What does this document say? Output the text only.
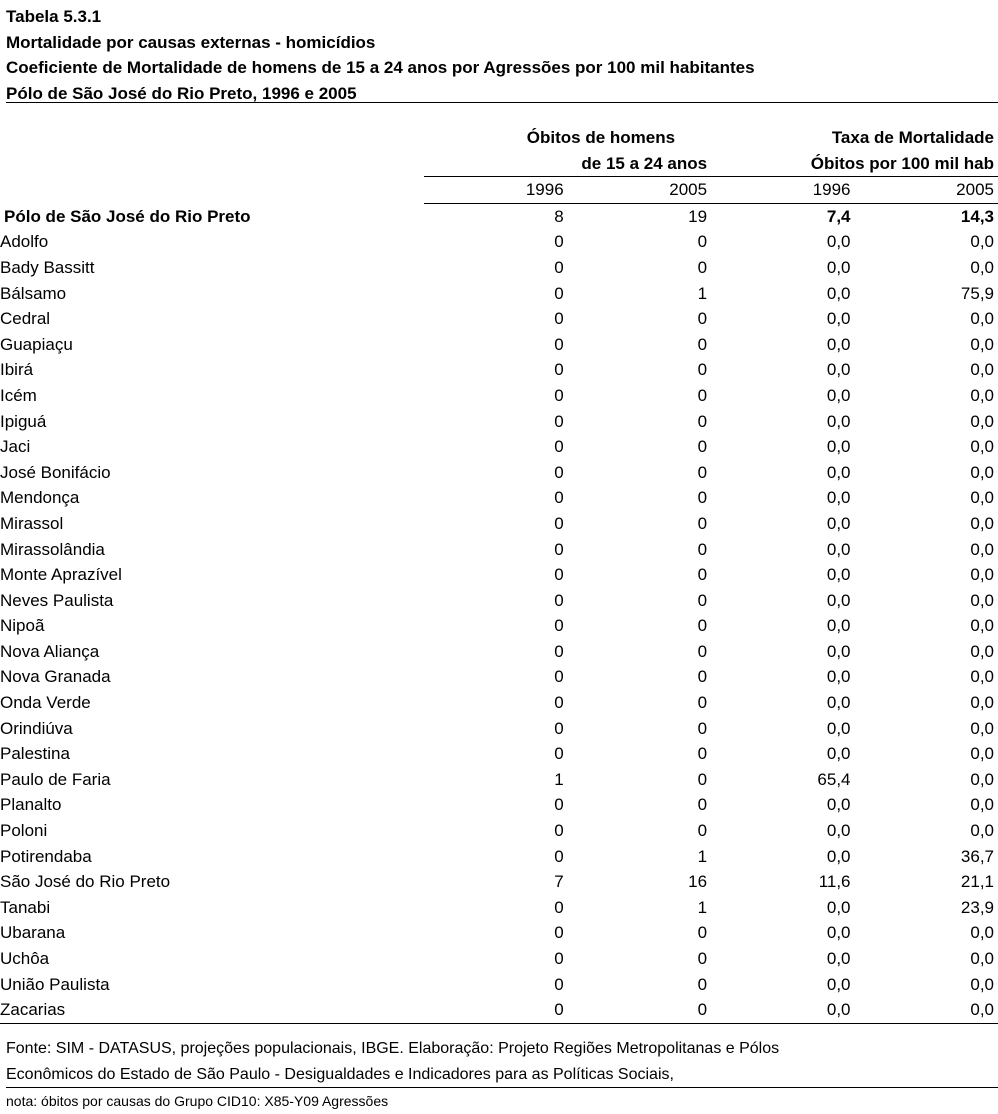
Tabela 5.3.1
Mortalidade por causas externas - homicídios
Coeficiente de Mortalidade de homens de 15 a 24 anos por Agressões por 100 mil habitantes
Pólo de São José do Rio Preto, 1996 e 2005
	Óbitos de homens		Taxa de Mortalidade	
	de 15 a 24 anos		Óbitos por 100 mil hab	
	1996	2005	1996	2005
Pólo de São José do Rio Preto	8	19	7,4	14,3
Adolfo	0	0	0,0	0,0
Bady Bassitt	0	0	0,0	0,0
Bálsamo	0	1	0,0	75,9
Cedral	0	0	0,0	0,0
Guapiaçu	0	0	0,0	0,0
Ibirá	0	0	0,0	0,0
Icém	0	0	0,0	0,0
Ipiguá	0	0	0,0	0,0
Jaci	0	0	0,0	0,0
José Bonifácio	0	0	0,0	0,0
Mendonça	0	0	0,0	0,0
Mirassol	0	0	0,0	0,0
Mirassolândia	0	0	0,0	0,0
Monte Aprazível	0	0	0,0	0,0
Neves Paulista	0	0	0,0	0,0
Nipoã	0	0	0,0	0,0
Nova Aliança	0	0	0,0	0,0
Nova Granada	0	0	0,0	0,0
Onda Verde	0	0	0,0	0,0
Orindiúva	0	0	0,0	0,0
Palestina	0	0	0,0	0,0
Paulo de Faria	1	0	65,4	0,0
Planalto	0	0	0,0	0,0
Poloni	0	0	0,0	0,0
Potirendaba	0	1	0,0	36,7
São José do Rio Preto	7	16	11,6	21,1
Tanabi	0	1	0,0	23,9
Ubarana	0	0	0,0	0,0
Uchôa	0	0	0,0	0,0
União Paulista	0	0	0,0	0,0
Zacarias	0	0	0,0	0,0
Fonte: SIM - DATASUS, projeções populacionais, IBGE. Elaboração: Projeto Regiões Metropolitanas e Pólos
Econômicos do Estado de São Paulo - Desigualdades e Indicadores para as Políticas Sociais,
nota: óbitos por causas do Grupo CID10: X85-Y09 Agressões
